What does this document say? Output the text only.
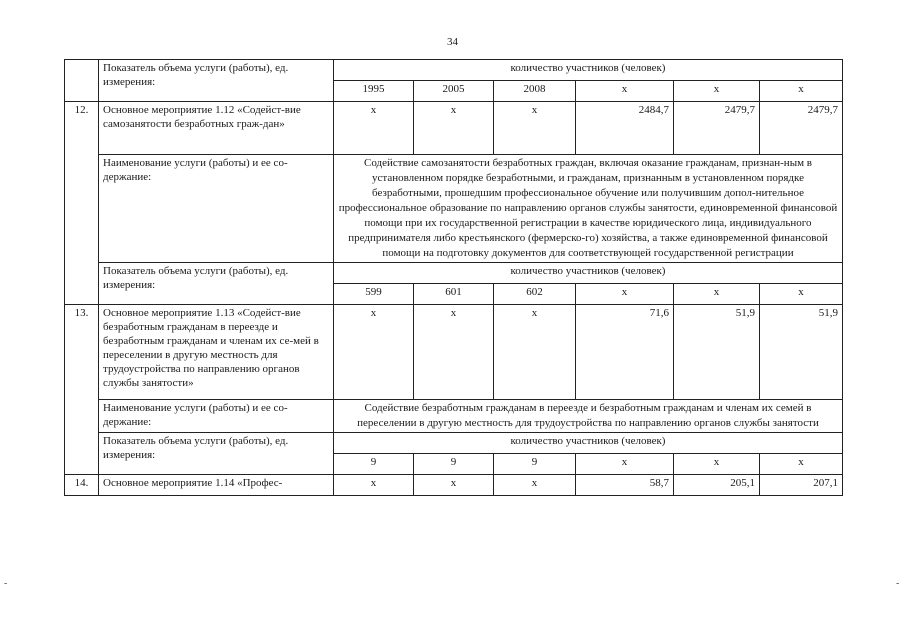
34
	Показатель объема услуги (работы), ед. измерения:	количество участников (человек)					
		1995	2005	2008	х	х	х
12.	Основное мероприятие 1.12 «Содейст-вие самозанятости безработных граж-дан»	х	х	х	2484,7	2479,7	2479,7
	Наименование услуги (работы) и ее со-держание:	Содействие самозанятости безработных граждан, включая оказание гражданам, признан-ным в установленном порядке безработными, и гражданам, признанным в установленном порядке безработными, прошедшим профессиональное обучение или получившим допол-нительное профессиональное образование по направлению органов службы занятости, единовременной финансовой помощи при их государственной регистрации в качестве юридического лица, индивидуального предпринимателя либо крестьянского (фермерско-го) хозяйства, а также единовременной финансовой помощи на подготовку документов для соответствующей государственной регистрации					
	Показатель объема услуги (работы), ед. измерения:	количество участников (человек)					
		599	601	602	х	х	х
13.	Основное мероприятие 1.13 «Содейст-вие безработным гражданам в переезде и безработным гражданам и членам их се-мей в переселении в другую местность для трудоустройства по направлению органов службы занятости»	х	х	х	71,6	51,9	51,9
	Наименование услуги (работы) и ее со-держание:	Содействие безработным гражданам в переезде и безработным гражданам и членам их семей в переселении в другую местность для трудоустройства по направлению органов службы занятости					
	Показатель объема услуги (работы), ед. измерения:	количество участников (человек)					
		9	9	9	х	х	х
14.	Основное мероприятие 1.14 «Профес-	х	х	х	58,7	205,1	207,1
-	-
